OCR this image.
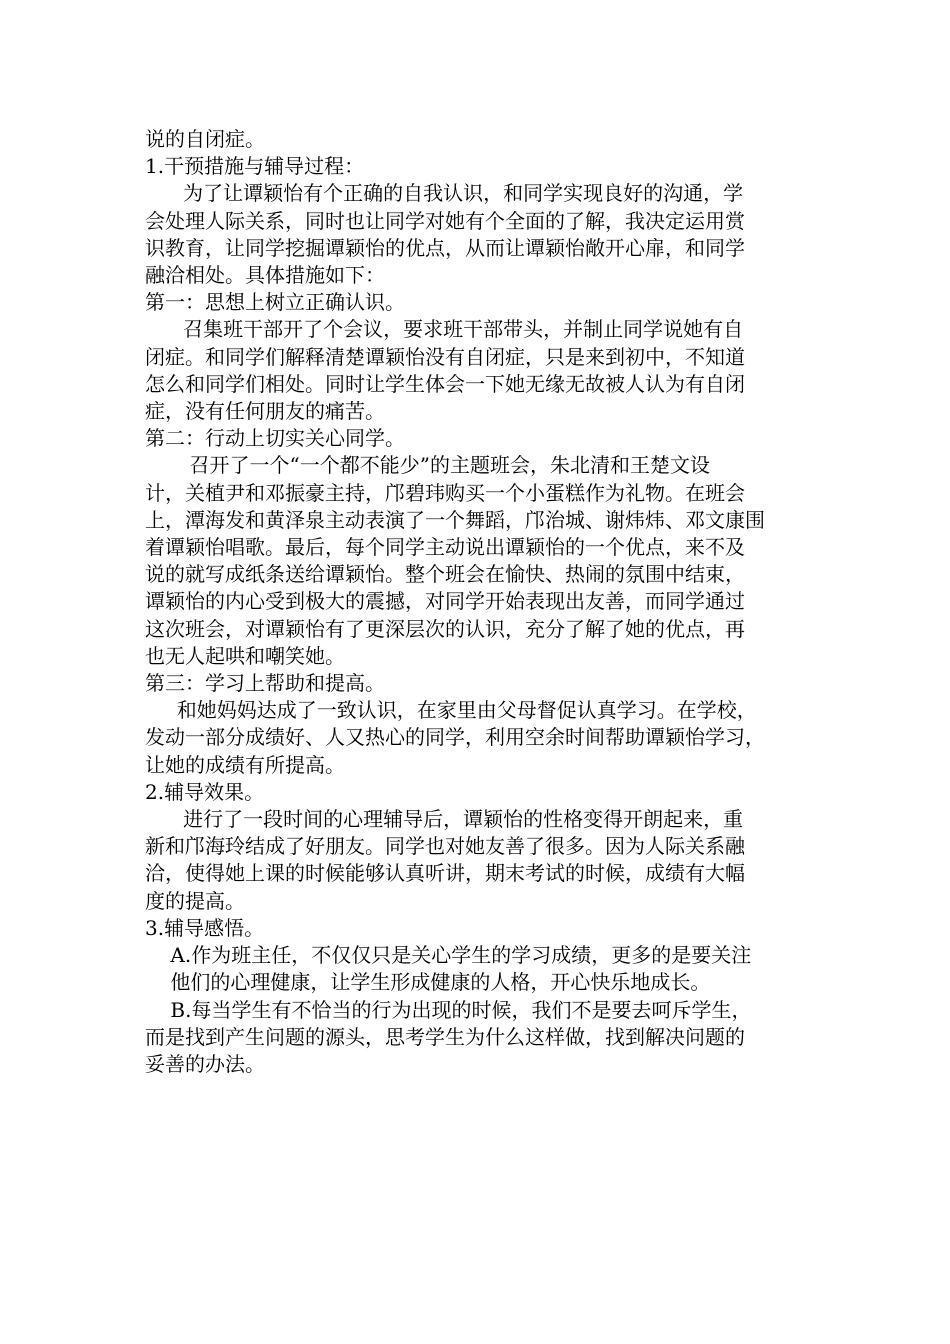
说的自闭症。
1.干预措施与辅导过程：
为了让谭颖怡有个正确的自我认识，和同学实现良好的沟通，学
会处理人际关系，同时也让同学对她有个全面的了解，我决定运用赏
识教育，让同学挖掘谭颖怡的优点，从而让谭颖怡敞开心扉，和同学
融洽相处。具体措施如下：
第一：思想上树立正确认识。
召集班干部开了个会议，要求班干部带头，并制止同学说她有自
闭症。和同学们解释清楚谭颖怡没有自闭症，只是来到初中，不知道
怎么和同学们相处。同时让学生体会一下她无缘无故被人认为有自闭
症，没有任何朋友的痛苦。
第二：行动上切实关心同学。
召开了一个“一个都不能少”的主题班会，朱北清和王楚文设
计，关植尹和邓振豪主持，邝碧玮购买一个小蛋糕作为礼物。在班会
上，潭海发和黄泽泉主动表演了一个舞蹈，邝治城、谢炜炜、邓文康围
着谭颖怡唱歌。最后，每个同学主动说出谭颖怡的一个优点，来不及
说的就写成纸条送给谭颖怡。整个班会在愉快、热闹的氛围中结束，
谭颖怡的内心受到极大的震撼，对同学开始表现出友善，而同学通过
这次班会，对谭颖怡有了更深层次的认识，充分了解了她的优点，再
也无人起哄和嘲笑她。
第三：学习上帮助和提高。
和她妈妈达成了一致认识，在家里由父母督促认真学习。在学校，
发动一部分成绩好、人又热心的同学，利用空余时间帮助谭颖怡学习，
让她的成绩有所提高。
2.辅导效果。
进行了一段时间的心理辅导后，谭颖怡的性格变得开朗起来，重
新和邝海玲结成了好朋友。同学也对她友善了很多。因为人际关系融
洽，使得她上课的时候能够认真听讲，期末考试的时候，成绩有大幅
度的提高。
3.辅导感悟。
A.作为班主任，不仅仅只是关心学生的学习成绩，更多的是要关注
他们的心理健康，让学生形成健康的人格，开心快乐地成长。
B.每当学生有不恰当的行为出现的时候，我们不是要去呵斥学生，
而是找到产生问题的源头，思考学生为什么这样做，找到解决问题的
妥善的办法。
